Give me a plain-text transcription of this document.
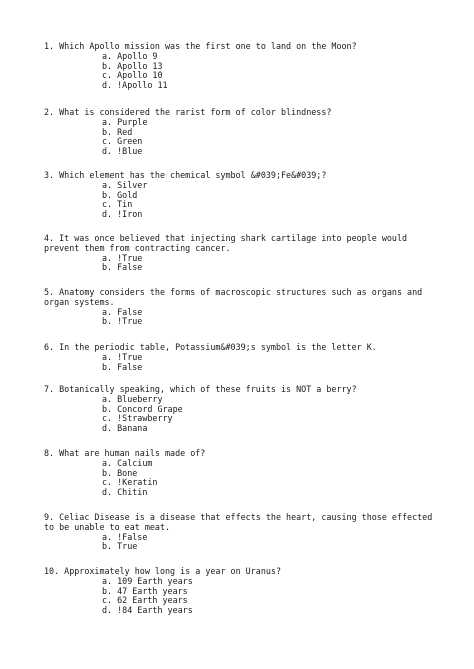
1. Which Apollo mission was the first one to land on the Moon?
a. Apollo 9
b. Apollo 13
c. Apollo 10
d. !Apollo 11
2. What is considered the rarist form of color blindness?
a. Purple
b. Red
c. Green
d. !Blue
3. Which element has the chemical symbol &#039;Fe&#039;?
a. Silver
b. Gold
c. Tin
d. !Iron
4. It was once believed that injecting shark cartilage into people would prevent them from contracting cancer.
a. !True
b. False
5. Anatomy considers the forms of macroscopic structures such as organs and organ systems.
a. False
b. !True
6. In the periodic table, Potassium&#039;s symbol is the letter K.
a. !True
b. False
7. Botanically speaking, which of these fruits is NOT a berry?
a. Blueberry
b. Concord Grape
c. !Strawberry
d. Banana
8. What are human nails made of?
a. Calcium
b. Bone
c. !Keratin
d. Chitin
9. Celiac Disease is a disease that effects the heart, causing those effected to be unable to eat meat.
a. !False
b. True
10. Approximately how long is a year on Uranus?
a. 109 Earth years
b. 47 Earth years
c. 62 Earth years
d. !84 Earth years
